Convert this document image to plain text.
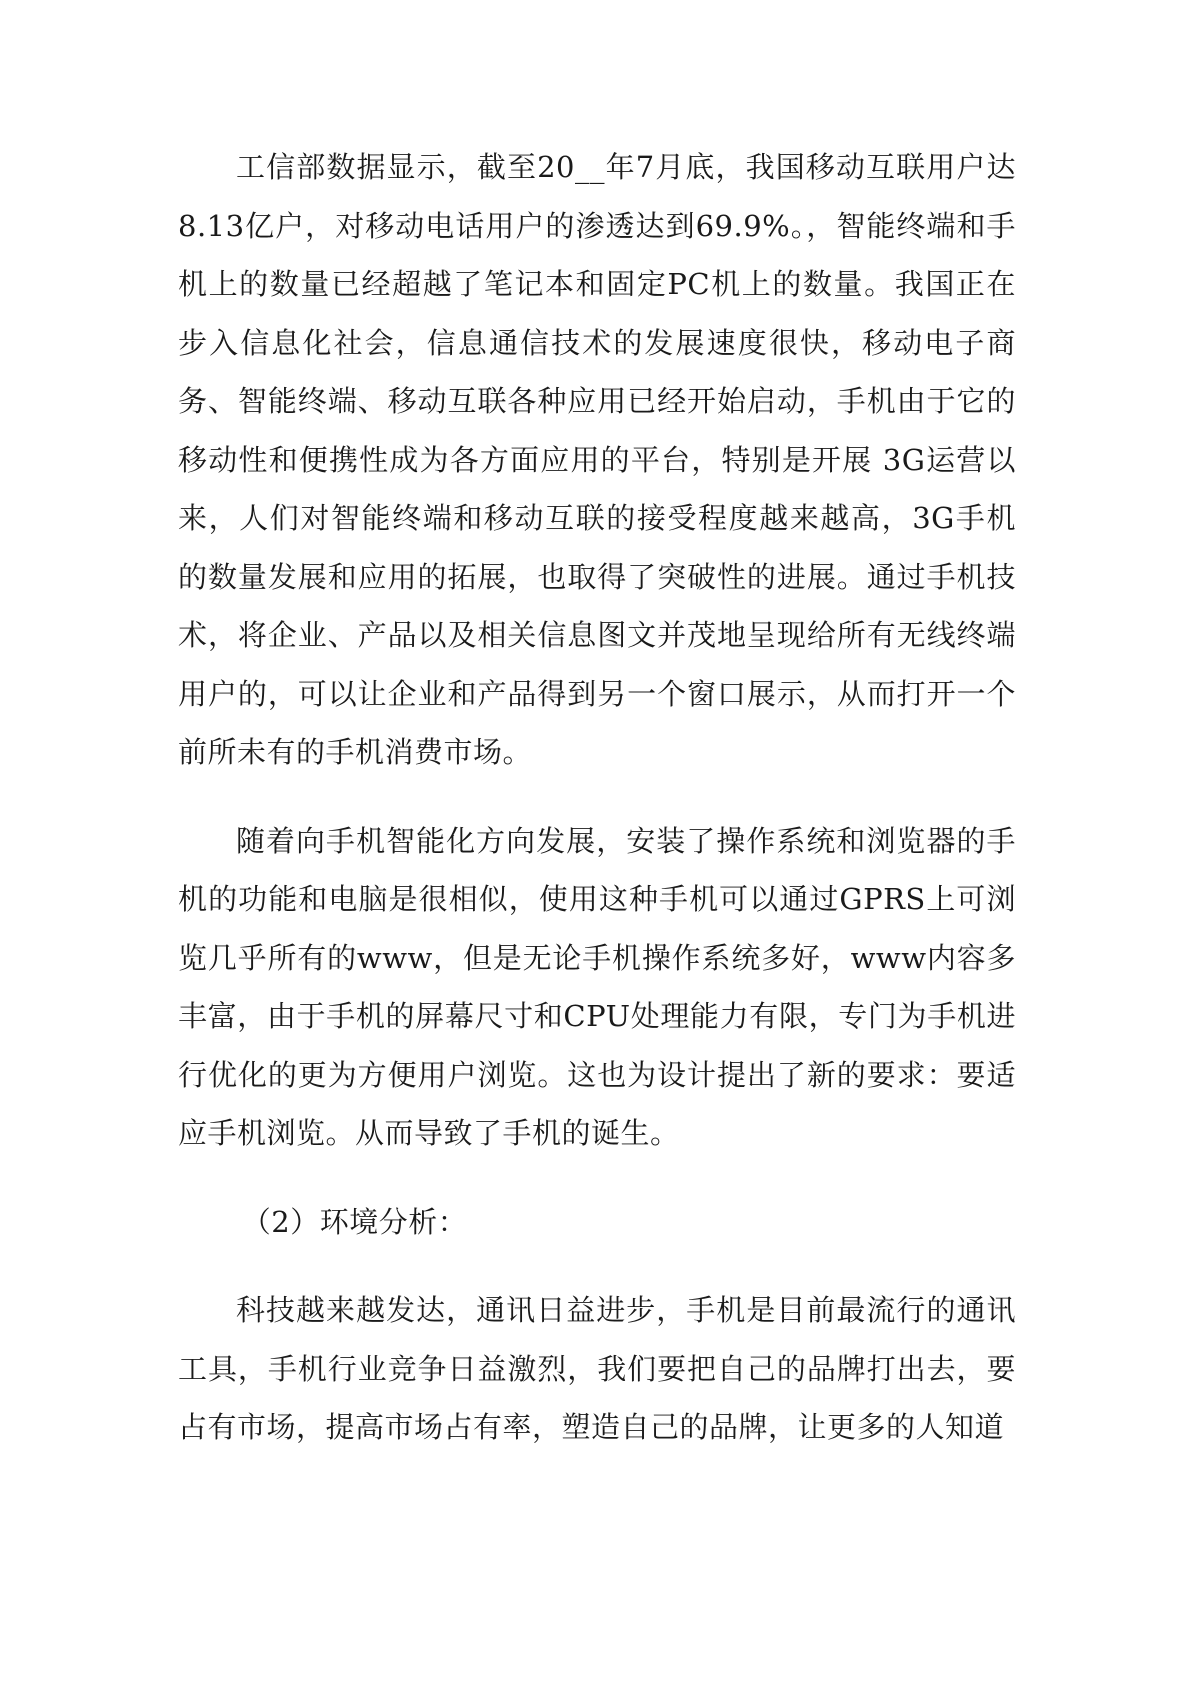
工信部数据显示，截至20__年7月底，我国移动互联用户达8.13亿户，对移动电话用户的渗透达到69.9%。，智能终端和手机上的数量已经超越了笔记本和固定PC机上的数量。我国正在步入信息化社会，信息通信技术的发展速度很快，移动电子商务、智能终端、移动互联各种应用已经开始启动，手机由于它的移动性和便携性成为各方面应用的平台，特别是开展 3G运营以来，人们对智能终端和移动互联的接受程度越来越高，3G手机的数量发展和应用的拓展，也取得了突破性的进展。通过手机技术，将企业、产品以及相关信息图文并茂地呈现给所有无线终端用户的，可以让企业和产品得到另一个窗口展示，从而打开一个前所未有的手机消费市场。

随着向手机智能化方向发展，安装了操作系统和浏览器的手机的功能和电脑是很相似，使用这种手机可以通过GPRS上可浏览几乎所有的www，但是无论手机操作系统多好，www内容多丰富，由于手机的屏幕尺寸和CPU处理能力有限，专门为手机进行优化的更为方便用户浏览。这也为设计提出了新的要求：要适应手机浏览。从而导致了手机的诞生。

（2）环境分析：

科技越来越发达，通讯日益进步，手机是目前最流行的通讯工具，手机行业竞争日益激烈，我们要把自己的品牌打出去，要占有市场，提高市场占有率，塑造自己的品牌，让更多的人知道
